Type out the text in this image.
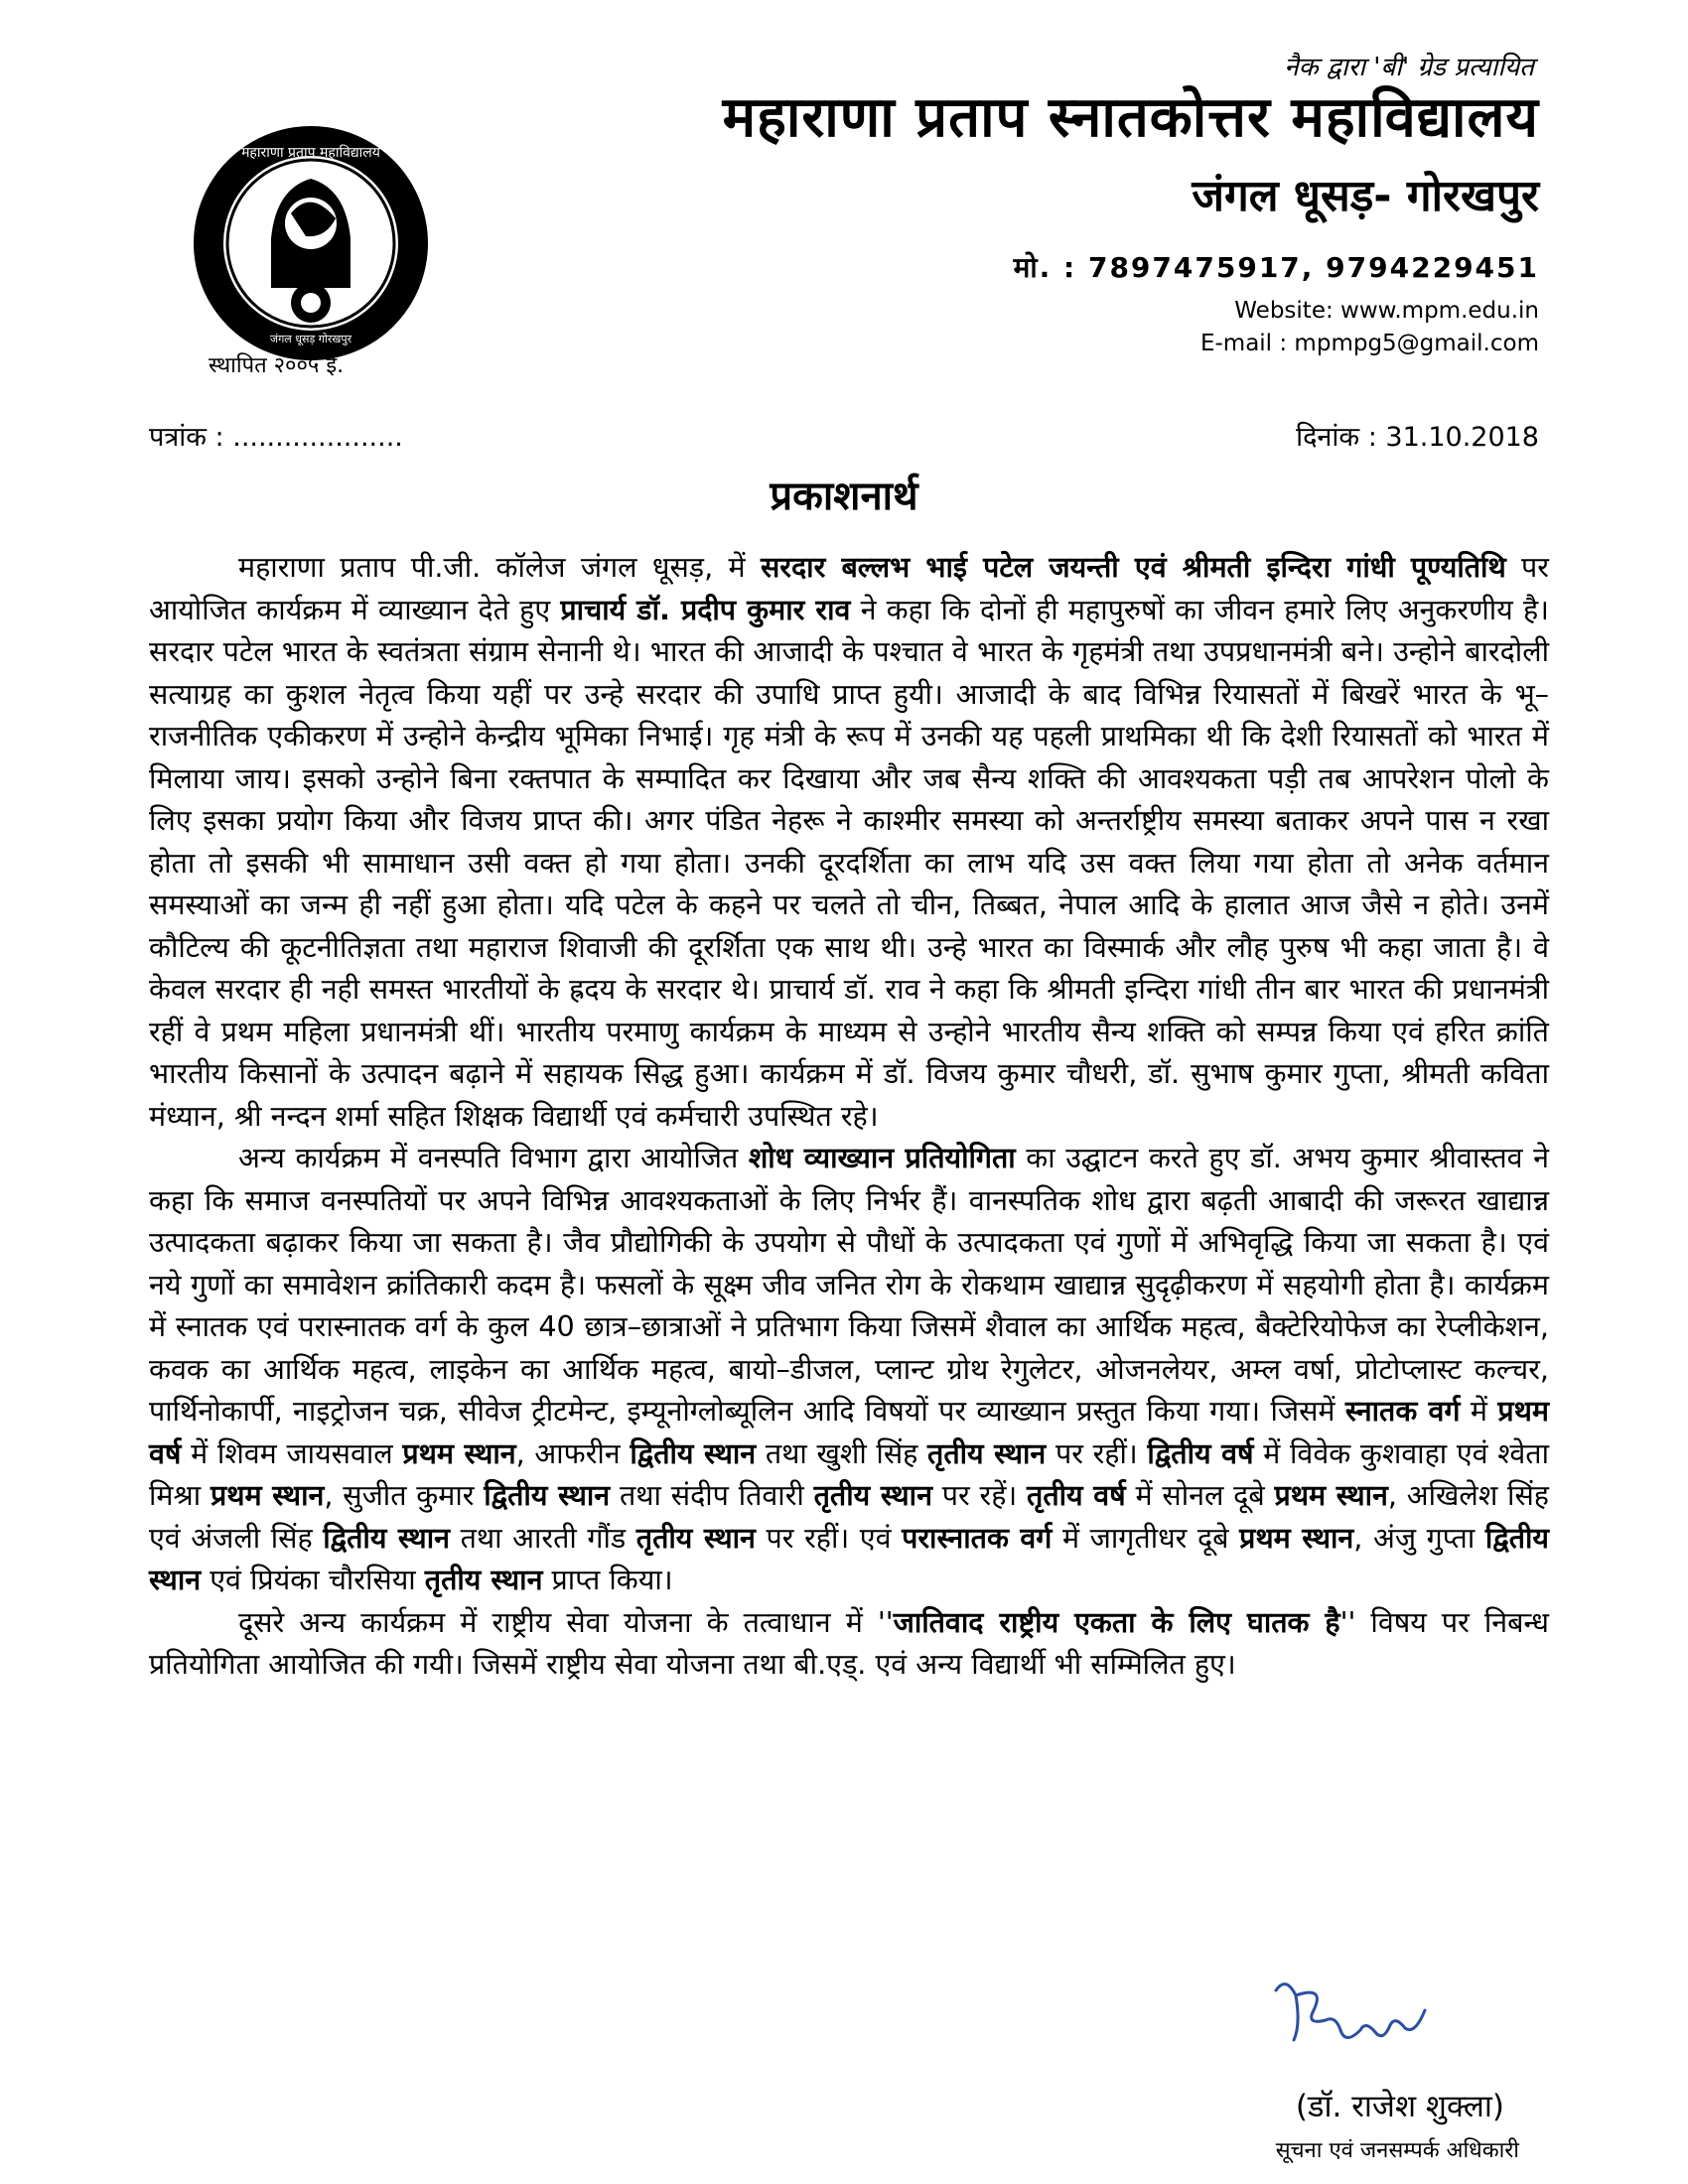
महाराणा प्रताप महाविद्यालय
जंगल धूसड़ गोरखपुर
स्थापित २००५ ई.
नैक द्वारा 'बी' ग्रेड प्रत्यायित
महाराणा प्रताप स्नातकोत्तर महाविद्यालय
जंगल धूसड़- गोरखपुर
मो. : 7897475917, 9794229451
Website: www.mpm.edu.in
E-mail : mpmpg5@gmail.com
पत्रांक : ....................	दिनांक : 31.10.2018
प्रकाशनार्थ

महाराणा प्रताप पी.जी. कॉलेज जंगल धूसड़, में सरदार बल्लभ भाई पटेल जयन्ती एवं श्रीमती इन्दिरा गांधी पूण्यतिथि पर आयोजित कार्यक्रम में व्याख्यान देते हुए प्राचार्य डॉ. प्रदीप कुमार राव ने कहा कि दोनों ही महापुरुषों का जीवन हमारे लिए अनुकरणीय है। सरदार पटेल भारत के स्वतंत्रता संग्राम सेनानी थे। भारत की आजादी के पश्चात वे भारत के गृहमंत्री तथा उपप्रधानमंत्री बने। उन्होने बारदोली सत्याग्रह का कुशल नेतृत्व किया यहीं पर उन्हे सरदार की उपाधि प्राप्त हुयी। आजादी के बाद विभिन्न रियासतों में बिखरें भारत के भू–राजनीतिक एकीकरण में उन्होने केन्द्रीय भूमिका निभाई। गृह मंत्री के रूप में उनकी यह पहली प्राथमिका थी कि देशी रियासतों को भारत में मिलाया जाय। इसको उन्होने बिना रक्तपात के सम्पादित कर दिखाया और जब सैन्य शक्ति की आवश्यकता पड़ी तब आपरेशन पोलो के लिए इसका प्रयोग किया और विजय प्राप्त की। अगर पंडित नेहरू ने काश्मीर समस्या को अन्तर्राष्ट्रीय समस्या बताकर अपने पास न रखा होता तो इसकी भी सामाधान उसी वक्त हो गया होता। उनकी दूरदर्शिता का लाभ यदि उस वक्त लिया गया होता तो अनेक वर्तमान समस्याओं का जन्म ही नहीं हुआ होता। यदि पटेल के कहने पर चलते तो चीन, तिब्बत, नेपाल आदि के हालात आज जैसे न होते। उनमें कौटिल्य की कूटनीतिज्ञता तथा महाराज शिवाजी की दूरर्शिता एक साथ थी। उन्हे भारत का विस्मार्क और लौह पुरुष भी कहा जाता है। वे केवल सरदार ही नही समस्त भारतीयों के ह्रदय के सरदार थे। प्राचार्य डॉ. राव ने कहा कि श्रीमती इन्दिरा गांधी तीन बार भारत की प्रधानमंत्री रहीं वे प्रथम महिला प्रधानमंत्री थीं। भारतीय परमाणु कार्यक्रम के माध्यम से उन्होने भारतीय सैन्य शक्ति को सम्पन्न किया एवं हरित क्रांति भारतीय किसानों के उत्पादन बढ़ाने में सहायक सिद्ध हुआ। कार्यक्रम में डॉ. विजय कुमार चौधरी, डॉ. सुभाष कुमार गुप्ता, श्रीमती कविता मंध्यान, श्री नन्दन शर्मा सहित शिक्षक विद्यार्थी एवं कर्मचारी उपस्थित रहे।

अन्य कार्यक्रम में वनस्पति विभाग द्वारा आयोजित शोध व्याख्यान प्रतियोगिता का उद्घाटन करते हुए डॉ. अभय कुमार श्रीवास्तव ने कहा कि समाज वनस्पतियों पर अपने विभिन्न आवश्यकताओं के लिए निर्भर हैं। वानस्पतिक शोध द्वारा बढ़ती आबादी की जरूरत खाद्यान्न उत्पादकता बढ़ाकर किया जा सकता है। जैव प्रौद्योगिकी के उपयोग से पौधों के उत्पादकता एवं गुणों में अभिवृद्धि किया जा सकता है। एवं नये गुणों का समावेशन क्रांतिकारी कदम है। फसलों के सूक्ष्म जीव जनित रोग के रोकथाम खाद्यान्न सुदृढ़ीकरण में सहयोगी होता है। कार्यक्रम में स्नातक एवं परास्नातक वर्ग के कुल 40 छात्र–छात्राओं ने प्रतिभाग किया जिसमें शैवाल का आर्थिक महत्व, बैक्टेरियोफेज का रेप्लीकेशन, कवक का आर्थिक महत्व, लाइकेन का आर्थिक महत्व, बायो–डीजल, प्लान्ट ग्रोथ रेगुलेटर, ओजनलेयर, अम्ल वर्षा, प्रोटोप्लास्ट कल्चर, पार्थिनोकार्पी, नाइट्रोजन चक्र, सीवेज ट्रीटमेन्ट, इम्यूनोग्लोब्यूलिन आदि विषयों पर व्याख्यान प्रस्तुत किया गया। जिसमें स्नातक वर्ग में प्रथम वर्ष में शिवम जायसवाल प्रथम स्थान, आफरीन द्वितीय स्थान तथा खुशी सिंह तृतीय स्थान पर रहीं। द्वितीय वर्ष में विवेक कुशवाहा एवं श्वेता मिश्रा प्रथम स्थान, सुजीत कुमार द्वितीय स्थान तथा संदीप तिवारी तृतीय स्थान पर रहें। तृतीय वर्ष में सोनल दूबे प्रथम स्थान, अखिलेश सिंह एवं अंजली सिंह द्वितीय स्थान तथा आरती गौंड तृतीय स्थान पर रहीं। एवं परास्नातक वर्ग में जागृतीधर दूबे प्रथम स्थान, अंजु गुप्ता द्वितीय स्थान एवं प्रियंका चौरसिया तृतीय स्थान प्राप्त किया।

दूसरे अन्य कार्यक्रम में राष्ट्रीय सेवा योजना के तत्वाधान में ''जातिवाद राष्ट्रीय एकता के लिए घातक है'' विषय पर निबन्ध प्रतियोगिता आयोजित की गयी। जिसमें राष्ट्रीय सेवा योजना तथा बी.एड्. एवं अन्य विद्यार्थी भी सम्मिलित हुए।

(डॉ. राजेश शुक्ला)
सूचना एवं जनसम्पर्क अधिकारी
